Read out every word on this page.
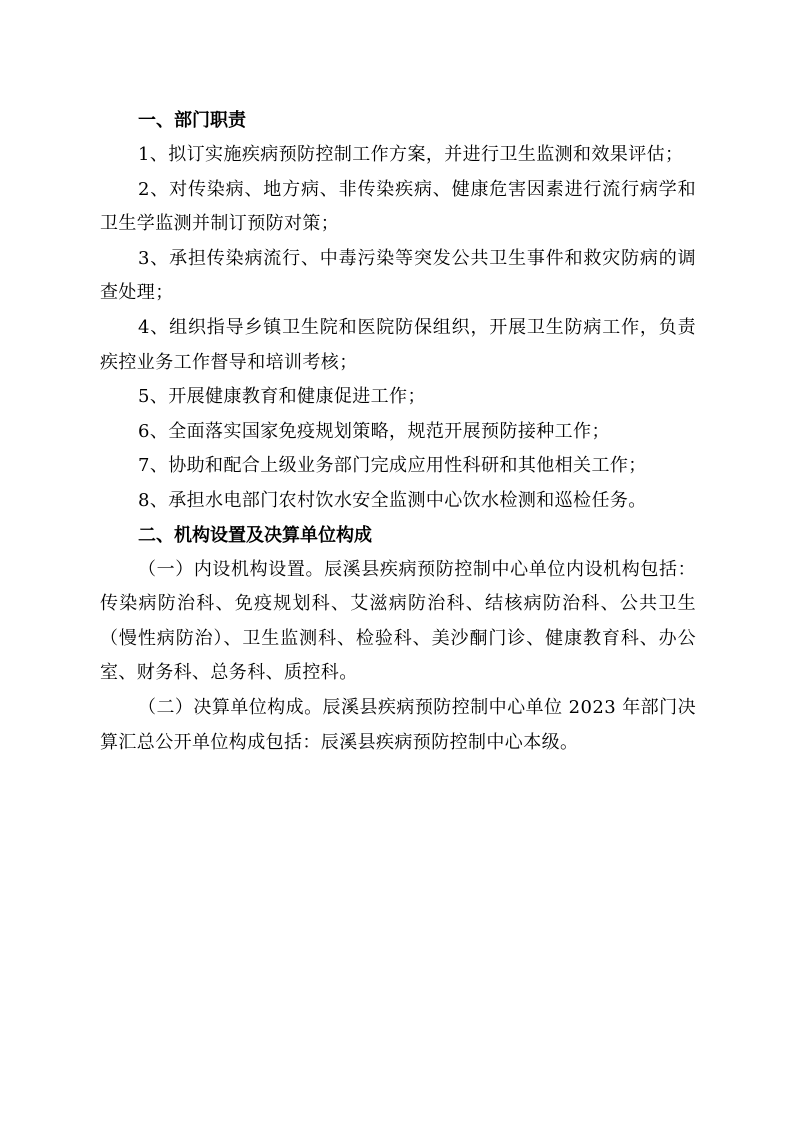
一、部门职责

1、拟订实施疾病预防控制工作方案，并进行卫生监测和效果评估；

2、对传染病、地方病、非传染疾病、健康危害因素进行流行病学和卫生学监测并制订预防对策；

3、承担传染病流行、中毒污染等突发公共卫生事件和救灾防病的调查处理；

4、组织指导乡镇卫生院和医院防保组织，开展卫生防病工作，负责疾控业务工作督导和培训考核；

5、开展健康教育和健康促进工作；

6、全面落实国家免疫规划策略，规范开展预防接种工作；

7、协助和配合上级业务部门完成应用性科研和其他相关工作；

8、承担水电部门农村饮水安全监测中心饮水检测和巡检任务。

二、机构设置及决算单位构成

（一）内设机构设置。辰溪县疾病预防控制中心单位内设机构包括：传染病防治科、免疫规划科、艾滋病防治科、结核病防治科、公共卫生（慢性病防治）、卫生监测科、检验科、美沙酮门诊、健康教育科、办公室、财务科、总务科、质控科。

（二）决算单位构成。辰溪县疾病预防控制中心单位 2023 年部门决算汇总公开单位构成包括：辰溪县疾病预防控制中心本级。
